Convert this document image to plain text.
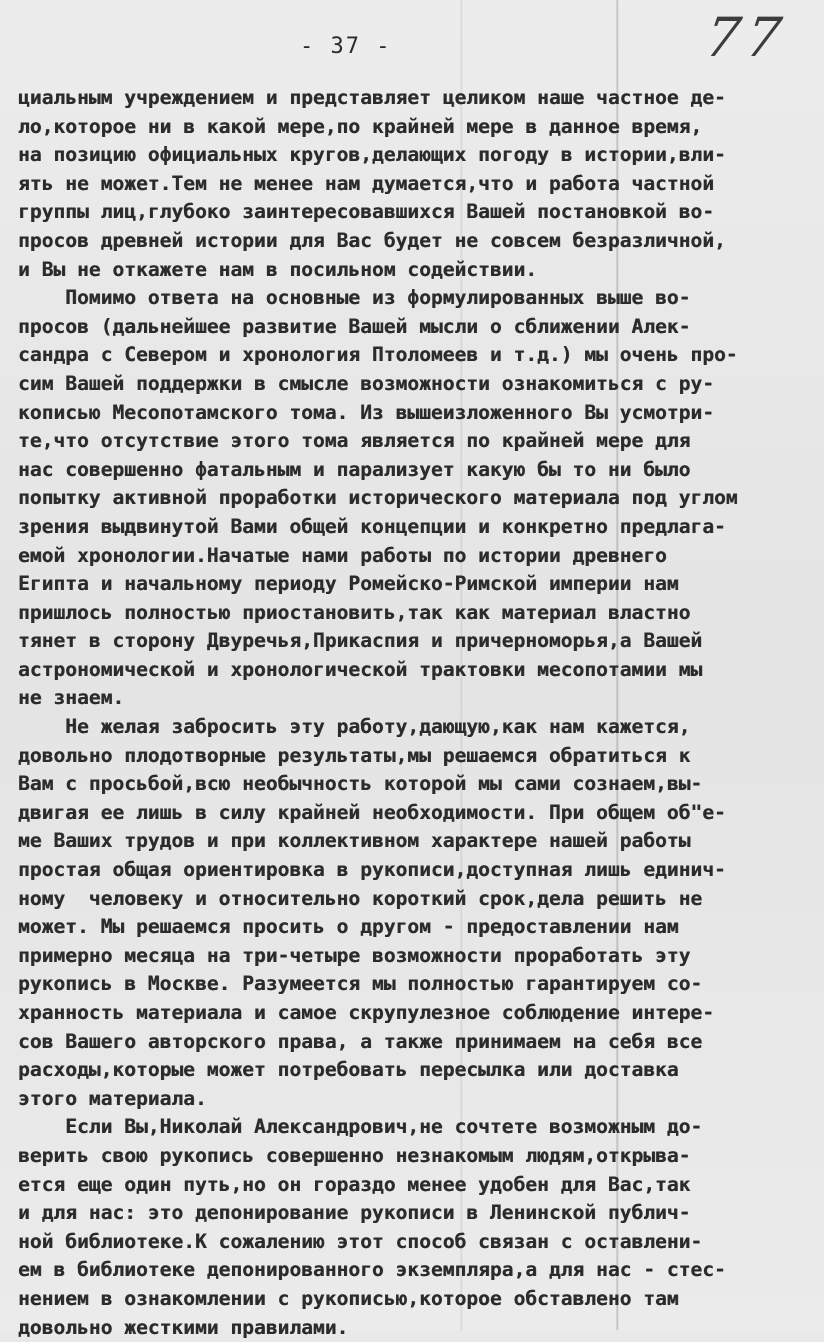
- 37 -	77
циальным учреждением и представляет целиком наше частное де-
ло,которое ни в какой мере,по крайней мере в данное время,
на позицию официальных кругов,делающих погоду в истории,вли-
ять не может.Тем не менее нам думается,что и работа частной
группы лиц,глубоко заинтересовавшихся Вашей постановкой во-
просов древней истории для Вас будет не совсем безразличной,
и Вы не откажете нам в посильном содействии.
Помимо ответа на основные из формулированных выше во-
просов (дальнейшее развитие Вашей мысли о сближении Алек-
сандра с Севером и хронология Птоломеев и т.д.) мы очень про-
сим Вашей поддержки в смысле возможности ознакомиться с ру-
кописью Месопотамского тома. Из вышеизложенного Вы усмотри-
те,что отсутствие этого тома является по крайней мере для
нас совершенно фатальным и парализует какую бы то ни было
попытку активной проработки исторического материала под углом
зрения выдвинутой Вами общей концепции и конкретно предлага-
емой хронологии.Начатые нами работы по истории древнего
Египта и начальному периоду Ромейско-Римской империи нам
пришлось полностью приостановить,так как материал властно
тянет в сторону Двуречья,Прикаспия и причерноморья,а Вашей
астрономической и хронологической трактовки месопотамии мы
не знаем.
Не желая забросить эту работу,дающую,как нам кажется,
довольно плодотворные результаты,мы решаемся обратиться к
Вам с просьбой,всю необычность которой мы сами сознаем,вы-
двигая ее лишь в силу крайней необходимости. При общем об"е-
ме Ваших трудов и при коллективном характере нашей работы
простая общая ориентировка в рукописи,доступная лишь единич-
ному  человеку и относительно короткий срок,дела решить не
может. Мы решаемся просить о другом - предоставлении нам
примерно месяца на три-четыре возможности проработать эту
рукопись в Москве. Разумеется мы полностью гарантируем со-
хранность материала и самое скрупулезное соблюдение интере-
сов Вашего авторского права, а также принимаем на себя все
расходы,которые может потребовать пересылка или доставка
этого материала.
Если Вы,Николай Александрович,не сочтете возможным до-
верить свою рукопись совершенно незнакомым людям,открыва-
ется еще один путь,но он гораздо менее удобен для Вас,так
и для нас: это депонирование рукописи в Ленинской публич-
ной библиотеке.К сожалению этот способ связан с оставлени-
ем в библиотеке депонированного экземпляра,а для нас - стес-
нением в ознакомлении с рукописью,которое обставлено там
довольно жесткими правилами.
